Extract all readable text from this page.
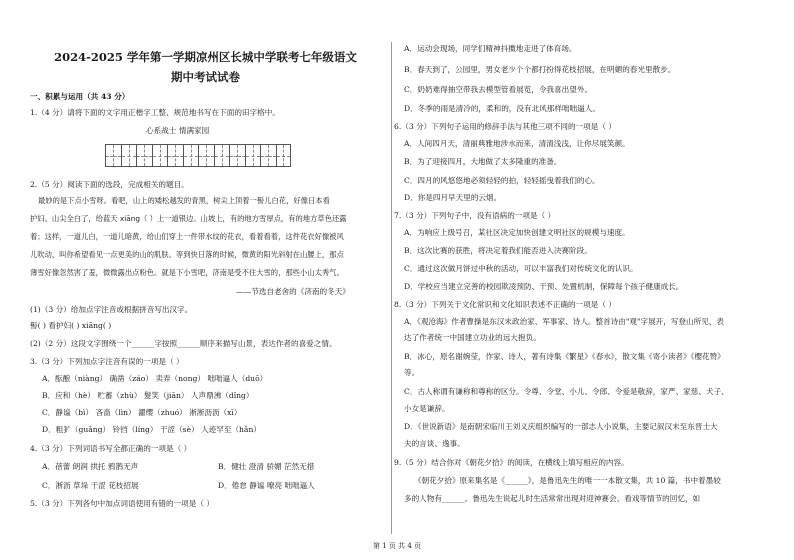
2024-2025 学年第一学期凉州区长城中学联考七年级语文
期中考试试卷
一、积累与运用（共 43 分）
1.（4 分）请将下面的文字用正楷字工整、规范地书写在下面的田字格中。
心系战士 情满家园
2.（5 分）阅读下面的选段，完成相关的题目。
最妙的是下点小雪呀。看吧，山上的矮松越发的青黑，树尖上顶着一髻儿白花，好像日本看
护妇。山尖全白了，给蓝天 xiāng（ ）上一道银边。山坡上，有的地方雪厚点，有的地方草色还露
着；这样，一道儿白，一道儿暗黄，给山们穿上一件带水纹的花衣，看着看着，这件花衣好像被风
儿吹动，叫你希望看见一点更美的山的肌肤。等到快日落的时候，微黄的阳光斜射在山腰上，那点
薄雪好像忽然害了羞，微微露出点粉色。就是下小雪吧，济南是受不住大雪的，那些小山太秀气。
——节选自老舍的《济南的冬天》
(1)（3 分）给加点字注音或根据拼音写出汉字。
髻( ) 看护妇( ) xiāng( )
(2)（2 分）这段文字围绕一个______字按照______顺序来描写山景，表达作者的喜爱之情。
3.（3 分）下列加点字注音有误的一项是（ ）
A．酝酿（niàng） 确凿（záo） 卖弄（nong） 咄咄逼人（duō）
B．应和（hè） 贮蓄（zhù） 髮笑（jiān） 人声鼎沸（dǐng）
C．静谧（bì） 吝啬（lìn） 濯缨（zhuó） 淅淅沥沥（xī）
D．粗犷（guǎng） 铃铛（líng） 干涩（sè） 人迹罕至（hǎn）
4.（3 分）下列词语书写全都正确的一项是（ ）
A．蓓蕾 朗润 拱托 鸦鹊无声	B．健壮 澄清 骄媚 茫然无措
C．淅沥 草垛 干涩 花枝招展	D．倦怠 静谧 嘹亮 咄咄逼人
5.（3 分）下列各句中加点词语使用有错的一项是（ ）
A．运动会现场，同学们精神抖擞地走进了体育场。
B．春天到了，公园里，男女老少个个都打扮得花枝招展，在明媚的春光里散步。
C．奶奶难得抽空带我去模型管看展览，令我喜出望外。
D．冬季的雨是清冷的，柔和的，没有北风那样咄咄逼人。
6.（3 分）下列句子运用的修辞手法与其他三项不同的一项是（ ）
A．人间四月天，清丽典雅地涉水而来，清清浅浅，让你尽展笑颜。
B．为了迎接四月，大地做了太多隆重的准备。
C．四月的风悠悠地必须轻轻的拍，轻轻摇曳着我们的心。
D．你是四月早天里的云烟。
7.（3 分）下列句子中，没有语病的一项是（ ）
A．为响应上级号召，某社区决定加快创建文明社区的规模与速度。
B．这次比赛的获胜，将决定着我们能否进入决赛阶段。
C．通过这次做月饼过中秋的活动，可以丰富我们对传统文化的认识。
D．学校应当建立完善的校园欺凌预防、干预、处置机制，保障每个孩子健康成长。
8.（3 分）下列关于文化常识和文化知识表述不正确的一项是（ ）
A．《观沧海》作者曹操是东汉末政治家、军事家、诗人。整首诗由"观"字展开，写登山所见，表
达了作者统一中国建立功业的远大抱负。
B．冰心，原名谢婉莹，作家、诗人，著有诗集《繁星》《春水》，散文集《寄小读者》《樱花赞》
等。
C．古人称谓有谦称和尊称的区分。令尊、令堂、小儿、令郎、令爱是敬辞，家严、家慈、犬子、
小女是谦辞。
D．《世说新语》是南朝宋临川王刘义庆组织编写的一部志人小说集，主要记叙汉末至东晋士大
夫的言谈、逸事。
9.（5 分）结合你对《朝花夕拾》的阅读，在横线上填写相应的内容。
《朝花夕拾》原来集名是《______》，是鲁迅先生的唯一一本散文集，共 10 篇，书中着墨较
多的人物有______。鲁迅先生说起儿时生活常常出现对迎神赛会、看戏等情节的回忆，如
第 1 页 共 4 页
